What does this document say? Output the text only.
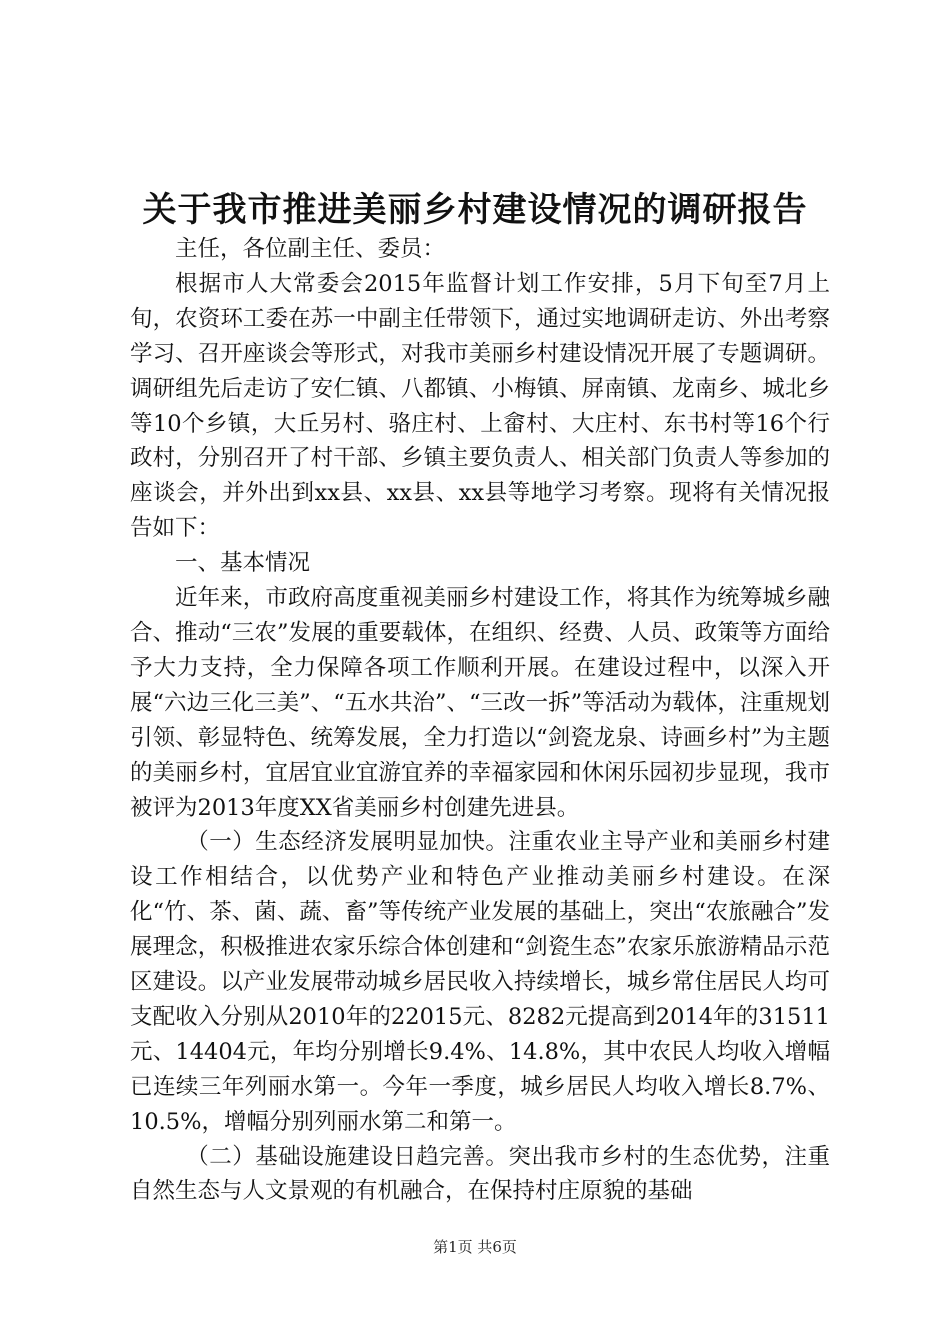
关于我市推进美丽乡村建设情况的调研报告

主任，各位副主任、委员：

根据市人大常委会2015年监督计划工作安排，5月下旬至7月上旬，农资环工委在苏一中副主任带领下，通过实地调研走访、外出考察学习、召开座谈会等形式，对我市美丽乡村建设情况开展了专题调研。调研组先后走访了安仁镇、八都镇、小梅镇、屏南镇、龙南乡、城北乡等10个乡镇，大丘另村、骆庄村、上畲村、大庄村、东书村等16个行政村，分别召开了村干部、乡镇主要负责人、相关部门负责人等参加的座谈会，并外出到xx县、xx县、xx县等地学习考察。现将有关情况报告如下：

一、基本情况

近年来，市政府高度重视美丽乡村建设工作，将其作为统筹城乡融合、推动“三农”发展的重要载体，在组织、经费、人员、政策等方面给予大力支持，全力保障各项工作顺利开展。在建设过程中，以深入开展“六边三化三美”、“五水共治”、“三改一拆”等活动为载体，注重规划引领、彰显特色、统筹发展，全力打造以“剑瓷龙泉、诗画乡村”为主题的美丽乡村，宜居宜业宜游宜养的幸福家园和休闲乐园初步显现，我市被评为2013年度XX省美丽乡村创建先进县。

（一）生态经济发展明显加快。注重农业主导产业和美丽乡村建设工作相结合，以优势产业和特色产业推动美丽乡村建设。在深化“竹、茶、菌、蔬、畜”等传统产业发展的基础上，突出“农旅融合”发展理念，积极推进农家乐综合体创建和“剑瓷生态”农家乐旅游精品示范区建设。以产业发展带动城乡居民收入持续增长，城乡常住居民人均可支配收入分别从2010年的22015元、8282元提高到2014年的31511元、14404元，年均分别增长9.4%、14.8%，其中农民人均收入增幅已连续三年列丽水第一。今年一季度，城乡居民人均收入增长8.7%、10.5%，增幅分别列丽水第二和第一。

（二）基础设施建设日趋完善。突出我市乡村的生态优势，注重自然生态与人文景观的有机融合，在保持村庄原貌的基础

第1页 共6页
